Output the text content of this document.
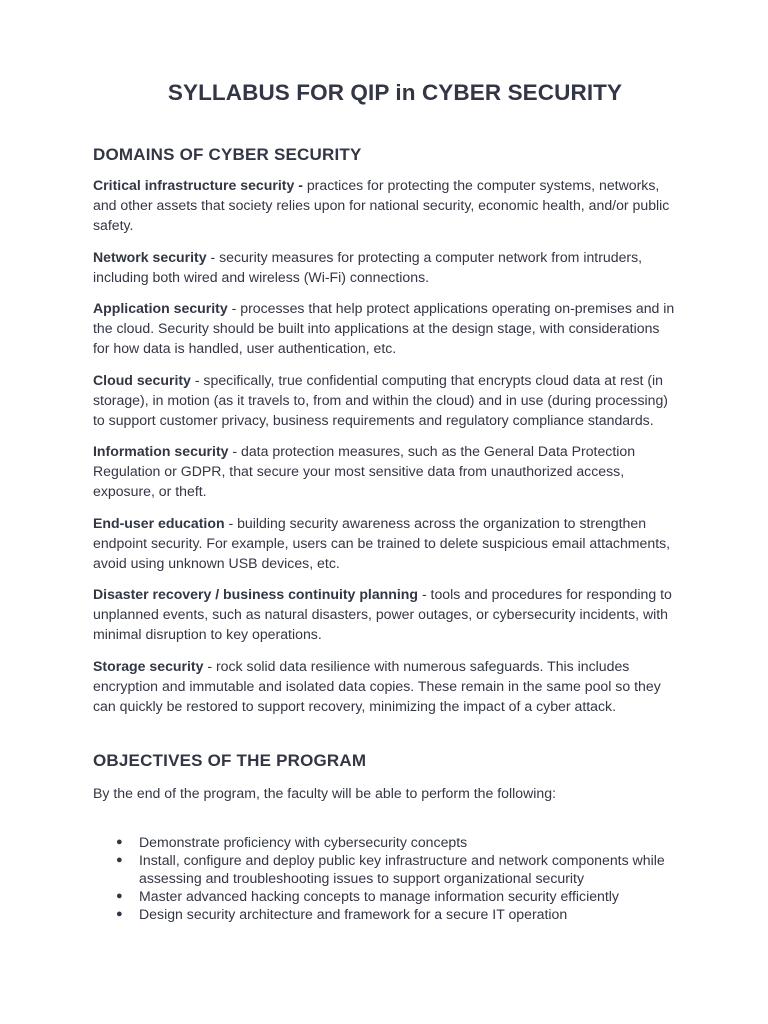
SYLLABUS FOR QIP in CYBER SECURITY
DOMAINS OF CYBER SECURITY

Critical infrastructure security - practices for protecting the computer systems, networks, and other assets that society relies upon for national security, economic health, and/or public safety.

Network security - security measures for protecting a computer network from intruders, including both wired and wireless (Wi-Fi) connections.

Application security - processes that help protect applications operating on-premises and in the cloud. Security should be built into applications at the design stage, with considerations for how data is handled, user authentication, etc.

Cloud security - specifically, true confidential computing that encrypts cloud data at rest (in storage), in motion (as it travels to, from and within the cloud) and in use (during processing) to support customer privacy, business requirements and regulatory compliance standards.

Information security - data protection measures, such as the General Data Protection Regulation or GDPR, that secure your most sensitive data from unauthorized access, exposure, or theft.

End-user education - building security awareness across the organization to strengthen endpoint security. For example, users can be trained to delete suspicious email attachments, avoid using unknown USB devices, etc.

Disaster recovery / business continuity planning - tools and procedures for responding to unplanned events, such as natural disasters, power outages, or cybersecurity incidents, with minimal disruption to key operations.

Storage security - rock solid data resilience with numerous safeguards. This includes encryption and immutable and isolated data copies. These remain in the same pool so they can quickly be restored to support recovery, minimizing the impact of a cyber attack.

OBJECTIVES OF THE PROGRAM

By the end of the program, the faculty will be able to perform the following:

● Demonstrate proficiency with cybersecurity concepts
● Install, configure and deploy public key infrastructure and network components while assessing and troubleshooting issues to support organizational security
● Master advanced hacking concepts to manage information security efficiently
● Design security architecture and framework for a secure IT operation
